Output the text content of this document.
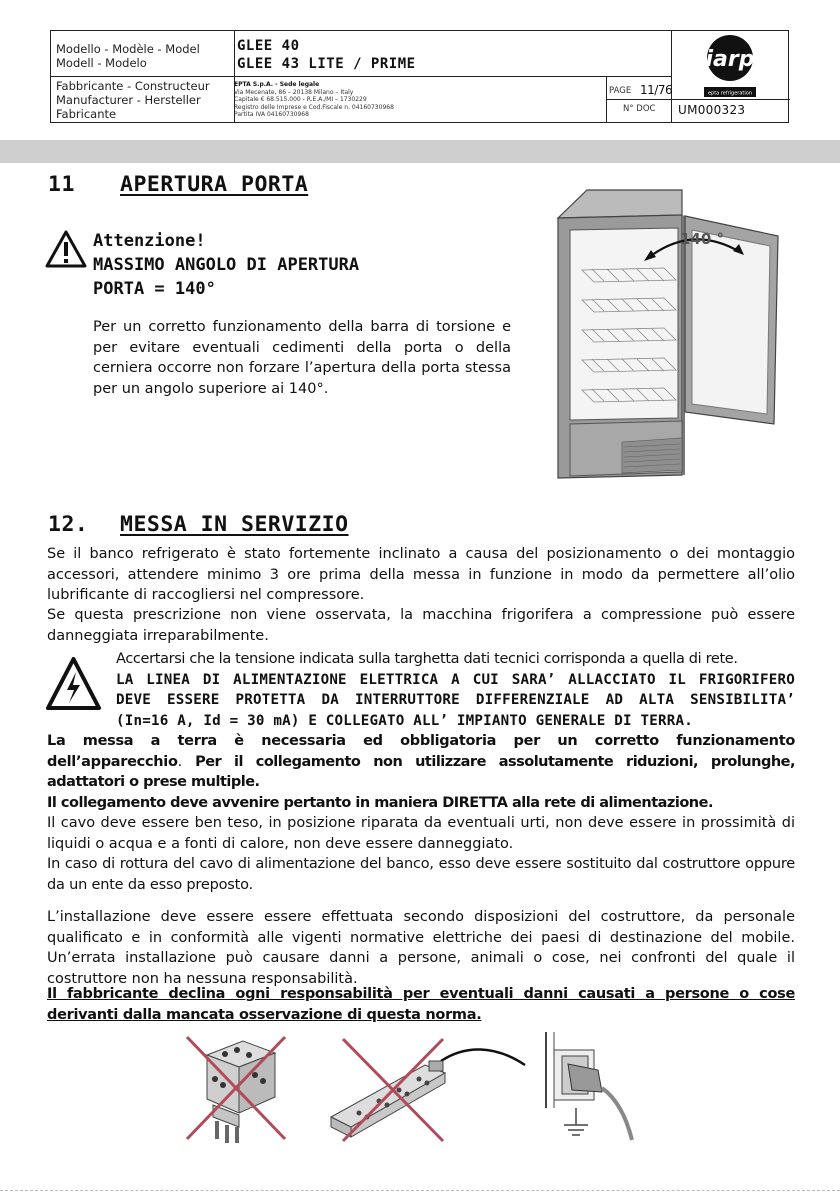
Modello - Modèle - Model
Modell - Modelo
GLEE 40
GLEE 43 LITE / PRIME
Fabbricante - Constructeur
Manufacturer - Hersteller
Fabricante
EPTA S.p.A. - Sede legale
Via Mecenate, 86 – 20138 Milano – Italy
Capitale € 68.515.000 - R.E.A./MI – 1730229
Registro delle Imprese e Cod.Fiscale n. 04160730968
Partita IVA 04160730968
PAGE 11/76
N° DOC UM000323
iarp
epta refrigeration
11 APERTURA PORTA
Attenzione!
MASSIMO ANGOLO DI APERTURA
PORTA = 140°
Per un corretto funzionamento della barra di torsione e per evitare eventuali cedimenti della porta o della cerniera occorre non forzare l’apertura della porta stessa per un angolo superiore ai 140°.
140 °
12. MESSA IN SERVIZIO
Se il banco refrigerato è stato fortemente inclinato a causa del posizionamento o dei montaggio accessori, attendere minimo 3 ore prima della messa in funzione in modo da permettere all’olio lubrificante di raccogliersi nel compressore.
Se questa prescrizione non viene osservata, la macchina frigorifera a compressione può essere danneggiata irreparabilmente.
Accertarsi che la tensione indicata sulla targhetta dati tecnici corrisponda a quella di rete.
LA LINEA DI ALIMENTAZIONE ELETTRICA A CUI SARA’ ALLACCIATO IL FRIGORIFERO DEVE ESSERE PROTETTA DA INTERRUTTORE DIFFERENZIALE AD ALTA SENSIBILITA’ (In=16 A, Id = 30 mA) E COLLEGATO ALL’ IMPIANTO GENERALE DI TERRA.
La messa a terra è necessaria ed obbligatoria per un corretto funzionamento dell’apparecchio. Per il collegamento non utilizzare assolutamente riduzioni, prolunghe, adattatori o prese multiple.
Il collegamento deve avvenire pertanto in maniera DIRETTA alla rete di alimentazione.
Il cavo deve essere ben teso, in posizione riparata da eventuali urti, non deve essere in prossimità di liquidi o acqua e a fonti di calore, non deve essere danneggiato.
In caso di rottura del cavo di alimentazione del banco, esso deve essere sostituito dal costruttore oppure da un ente da esso preposto.
L’installazione deve essere essere effettuata secondo disposizioni del costruttore, da personale qualificato e in conformità alle vigenti normative elettriche dei paesi di destinazione del mobile. Un’errata installazione può causare danni a persone, animali o cose, nei confronti del quale il costruttore non ha nessuna responsabilità.
Il fabbricante declina ogni responsabilità per eventuali danni causati a persone o cose derivanti dalla mancata osservazione di questa norma.
